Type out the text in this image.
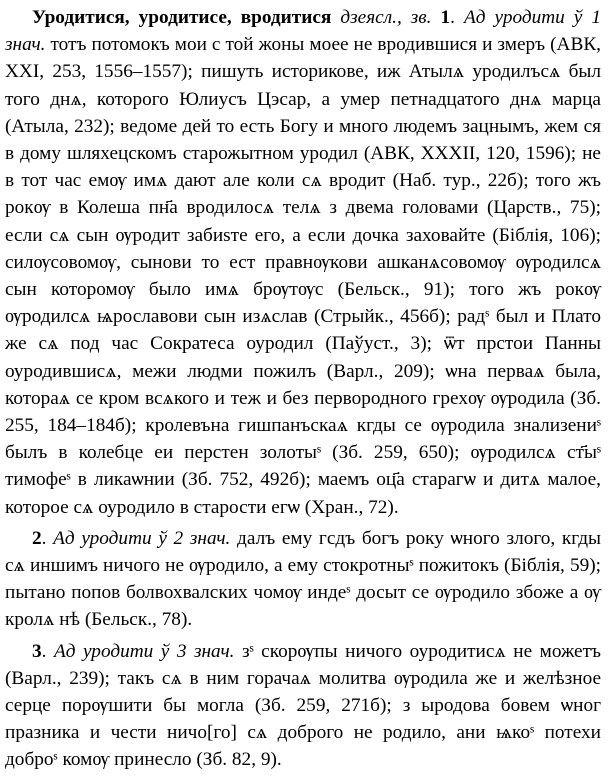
Уродитися, уродитисе, вродитися дзеясл., зв. 1. Ад уродити ў 1 знач. тотъ потомокъ мои с той жоны моее не вродившися и змеръ (АВК, XXI, 253, 1556–1557); пишуть историкове, иж Атылѧ уродилъсѧ был того днѧ, которого Юлиусъ Цэсар, а умер петнадцатого днѧ марца (Атыла, 232); ведоме дей то есть Богу и много людемъ зацнымъ, жем ся в дому шляхецскомъ старожытном уродил (АВК, XXXII, 120, 1596); не в тот час емѹ имѧ дают але коли сѧ вродит (Наб. тур., 22б); того жъ рокѹ в Колеша пн҃а вродилосѧ телѧ з двема головами (Царств., 75); если сѧ сын ѹродит забиѕте его, а если дочка заховайте (Біблія, 106); силѹсовомѹ, сынови то ест правнѹкови ашканѧсовомѹ ѹродилсѧ сын которомѹ было имѧ брѹтѹс (Бельск., 91); того жъ рокѹ ѹродилсѧ ѩрославови сын изѧслав (Стрыйк., 456б); радˢ был и Плато же сѧ под час Сократеса оуродил (Паўуст., 3); ѿт прстои Панны оуродившисѧ, межи людми пожилъ (Варл., 209); ѡна перваѧ была, котораѧ се кром всѧкого и теж и без первородного грехѹ ѹродила (Зб. 255, 184–184б); кролевъна гишпанъскаѧ кгды се ѹродила знализениˢ былъ в колебце еи перстен золотыˢ (Зб. 259, 650); ѹродилсѧ ст҃ыˢ тимофеˢ в ликаѡнии (Зб. 752, 492б); маемъ оц҃а старагѡ и дитѧ малое, которое сѧ оуродило в старости егѡ (Хран., 72).

2. Ад уродити ў 2 знач. далъ ему гсдъ богъ року ѡного злого, кгды сѧ иншимъ ничого не ѹродило, а ему стокротныˢ пожитокъ (Біблія, 59); пытано попов болвохвалских чомѹ индеˢ досыт се ѹродило збоже а ѹ кролѧ нѣ (Бельск., 78).

3. Ад уродити ў 3 знач. зˢ скорѹпы ничого оуродитисѧ не можетъ (Варл., 239); такъ сѧ в ним горачаѧ молитва ѹродила же и желѣзное серце порѹшити бы могла (Зб. 259, 271б); з ыродова бовем ѡног празника и чести ничо[го] сѧ доброго не родило, ани ѩкоˢ потехи доброˢ комѹ принесло (Зб. 82, 9).
